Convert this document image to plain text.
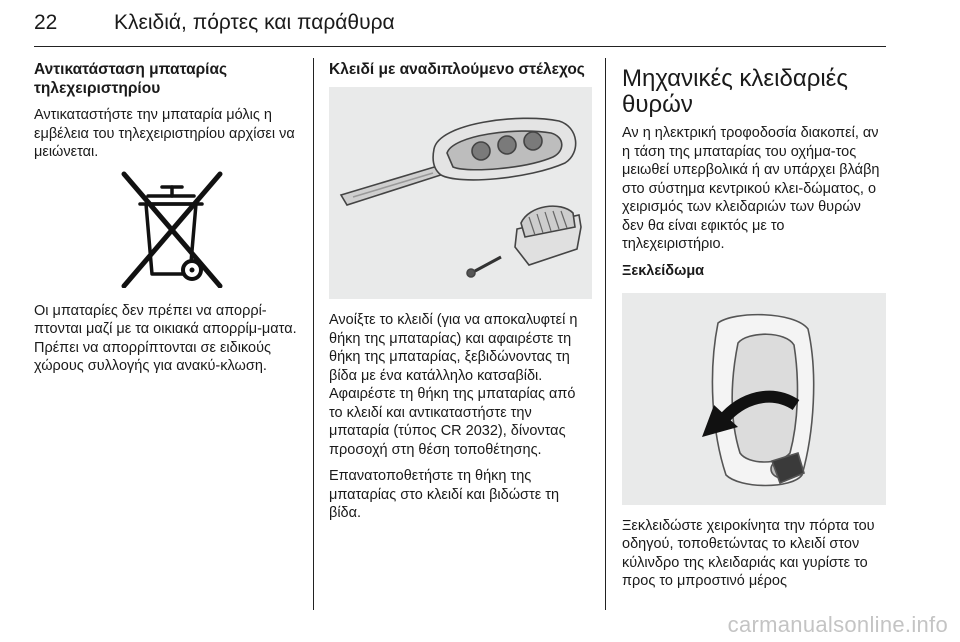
22	Κλειδιά, πόρτες και παράθυρα
Αντικατάσταση μπαταρίας τηλεχειριστηρίου

Αντικαταστήστε την μπαταρία μόλις η εμβέλεια του τηλεχειριστηρίου αρχίσει να μειώνεται.

Οι μπαταρίες δεν πρέπει να απορρί-πτονται μαζί με τα οικιακά απορρίμ-ματα. Πρέπει να απορρίπτονται σε ειδικούς χώρους συλλογής για ανακύ-κλωση.

Κλειδί με αναδιπλούμενο στέλεχος

Ανοίξτε το κλειδί (για να αποκαλυφτεί η θήκη της μπαταρίας) και αφαιρέστε τη θήκη της μπαταρίας, ξεβιδώνοντας τη βίδα με ένα κατάλληλο κατσαβίδι. Αφαιρέστε τη θήκη της μπαταρίας από το κλειδί και αντικαταστήστε την μπαταρία (τύπος CR 2032), δίνοντας προσοχή στη θέση τοποθέτησης.

Επανατοποθετήστε τη θήκη της μπαταρίας στο κλειδί και βιδώστε τη βίδα.

Μηχανικές κλειδαριές θυρών

Αν η ηλεκτρική τροφοδοσία διακοπεί, αν η τάση της μπαταρίας του οχήμα-τος μειωθεί υπερβολικά ή αν υπάρχει βλάβη στο σύστημα κεντρικού κλει-δώματος, ο χειρισμός των κλειδαριών των θυρών δεν θα είναι εφικτός με το τηλεχειριστήριο.

Ξεκλείδωμα

Ξεκλειδώστε χειροκίνητα την πόρτα του οδηγού, τοποθετώντας το κλειδί στον κύλινδρο της κλειδαριάς και γυρίστε το προς το μπροστινό μέρος

carmanualsonline.info
